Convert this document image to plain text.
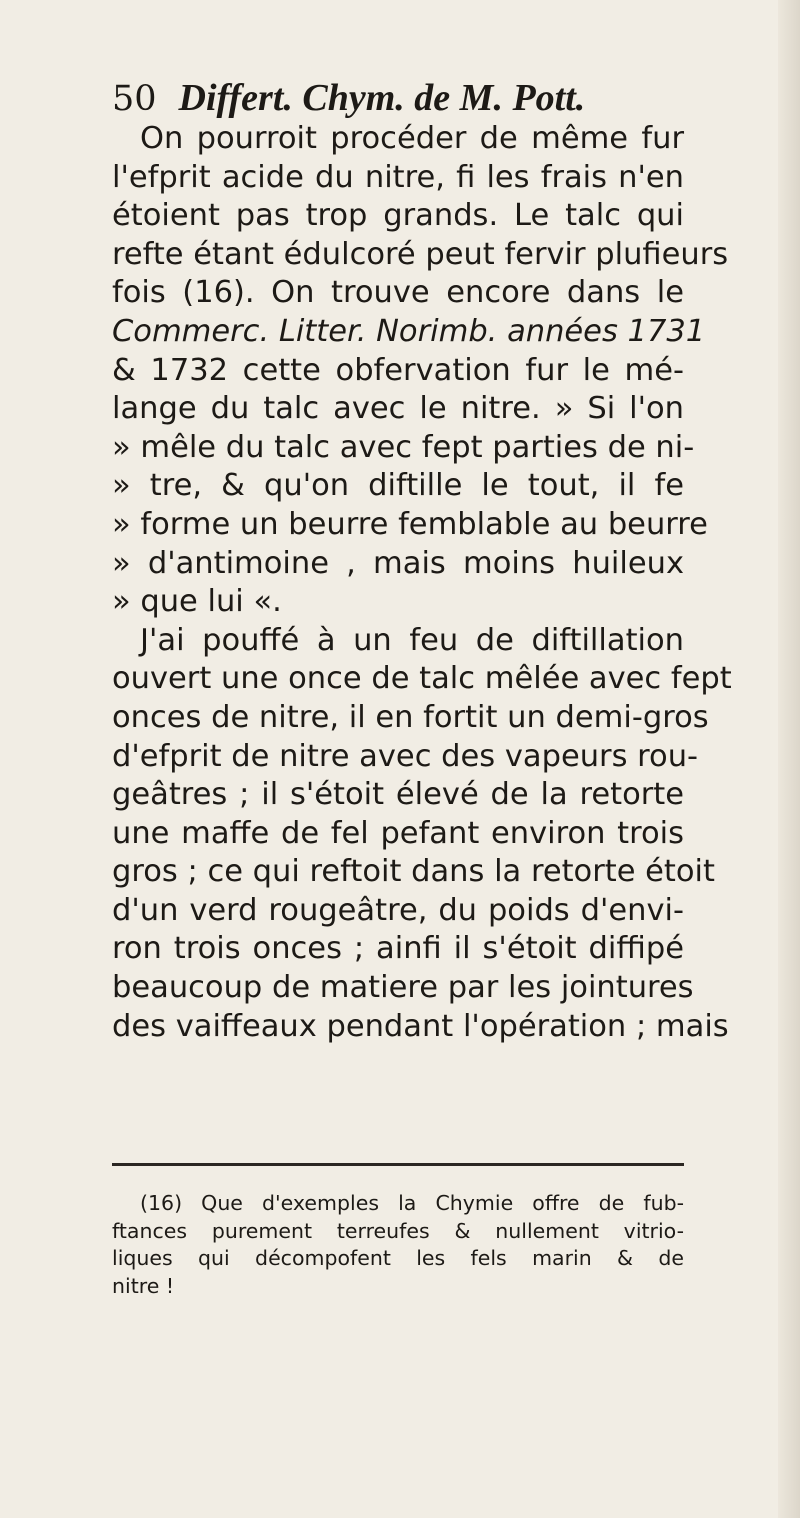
50 Differt. Chym. de M. Pott.
On pourroit procéder de même fur
l'efprit acide du nitre, fi les frais n'en
étoient pas trop grands. Le talc qui
refte étant édulcoré peut fervir plufieurs
fois (16). On trouve encore dans le
Commerc. Litter. Norimb. années 1731
& 1732 cette obfervation fur le mé-
lange du talc avec le nitre. » Si l'on
» mêle du talc avec fept parties de ni-
» tre, & qu'on diftille le tout, il fe
» forme un beurre femblable au beurre
» d'antimoine , mais moins huileux
» que lui «.
J'ai pouffé à un feu de diftillation
ouvert une once de talc mêlée avec fept
onces de nitre, il en fortit un demi-gros
d'efprit de nitre avec des vapeurs rou-
geâtres ; il s'étoit élevé de la retorte
une maffe de fel pefant environ trois
gros ; ce qui reftoit dans la retorte étoit
d'un verd rougeâtre, du poids d'envi-
ron trois onces ; ainfi il s'étoit diffipé
beaucoup de matiere par les jointures
des vaiffeaux pendant l'opération ; mais
(16) Que d'exemples la Chymie offre de fub-
ftances purement terreufes & nullement vitrio-
liques qui décompofent les fels marin & de
nitre !
